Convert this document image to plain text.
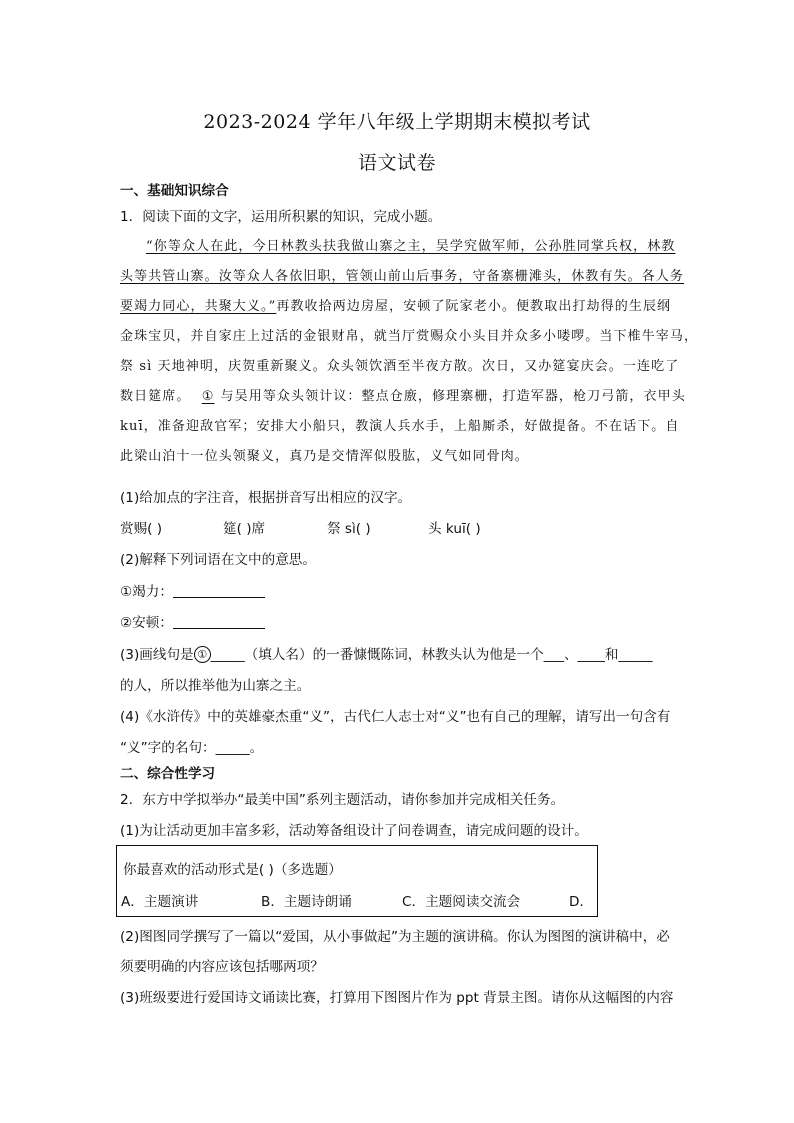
2023-2024 学年八年级上学期期末模拟考试
语文试卷
一、基础知识综合
1．阅读下面的文字，运用所积累的知识，完成小题。
“你等众人在此，今日林教头扶我做山寨之主，吴学究做军师，公孙胜同掌兵权，林教
头等共管山寨。汝等众人各依旧职，管领山前山后事务，守备寨栅滩头，休教有失。各人务
要竭力同心，共聚大义。”再教收拾两边房屋，安顿了阮家老小。便教取出打劫得的生辰纲
金珠宝贝，并自家庄上过活的金银财帛，就当厅赏赐众小头目并众多小喽啰。当下椎牛宰马，
祭 sì 天地神明，庆贺重新聚义。众头领饮酒至半夜方散。次日，又办筵宴庆会。一连吃了
数日筵席。 ① 与吴用等众头领计议：整点仓廒，修理寨栅，打造军器，枪刀弓箭，衣甲头
kuī，准备迎敌官军；安排大小船只，教演人兵水手，上船厮杀，好做提备。不在话下。自
此梁山泊十一位头领聚义，真乃是交情浑似股肱，义气如同骨肉。
(1)给加点的字注音，根据拼音写出相应的汉字。
赏赐( )	筵( )席	祭 sì( )	头 kuī( )
(2)解释下列词语在文中的意思。
①竭力：
②安顿：
(3)画线句是 ① _____（填人名）的一番慷慨陈词，林教头认为他是一个___、____和_____
的人，所以推举他为山寨之主。
(4)《水浒传》中的英雄豪杰重“义”，古代仁人志士对“义”也有自己的理解，请写出一句含有
“义”字的名句：_____。
二、综合性学习
2．东方中学拟举办“最美中国”系列主题活动，请你参加并完成相关任务。
(1)为让活动更加丰富多彩，活动筹备组设计了问卷调查，请完成问题的设计。
你最喜欢的活动形式是( )（多选题）
A．主题演讲	B．主题诗朗诵	C．主题阅读交流会	D．
(2)图图同学撰写了一篇以“爱国，从小事做起”为主题的演讲稿。你认为图图的演讲稿中，必
须要明确的内容应该包括哪两项？
(3)班级要进行爱国诗文诵读比赛，打算用下图图片作为 ppt 背景主图。请你从这幅图的内容
